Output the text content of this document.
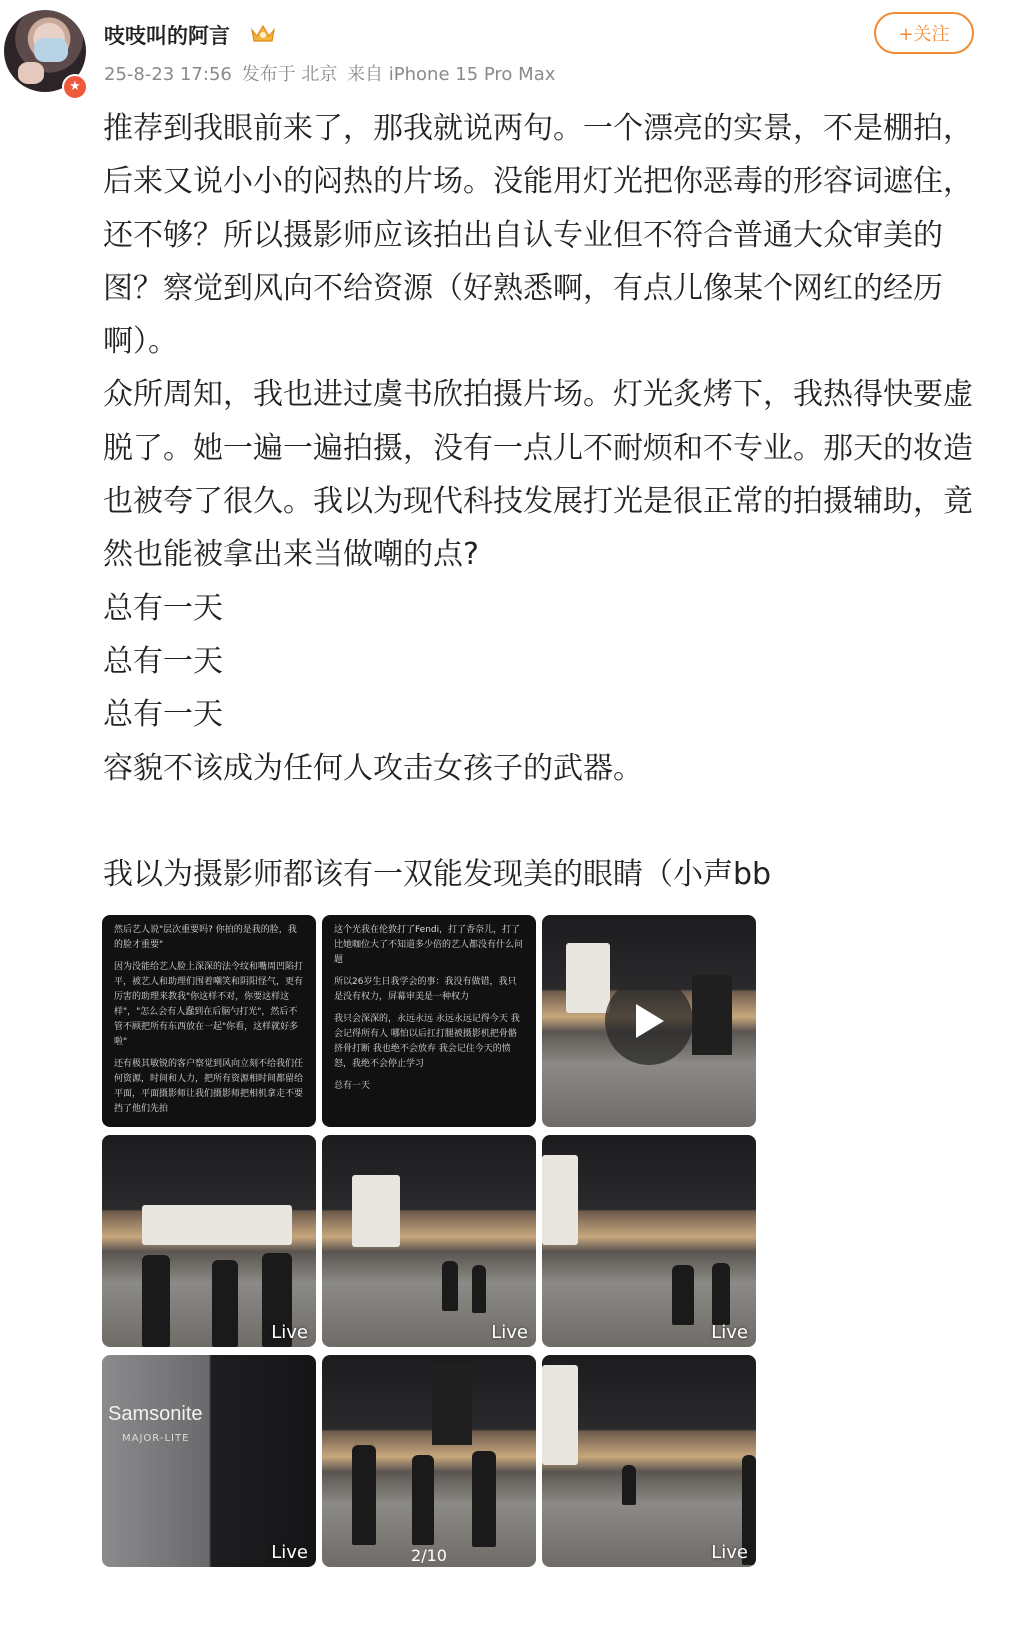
★
吱吱叫的阿言
25-8-23 17:56 发布于 北京 来自 iPhone 15 Pro Max
+关注

推荐到我眼前来了，那我就说两句。一个漂亮的实景，不是棚拍，后来又说小小的闷热的片场。没能用灯光把你恶毒的形容词遮住，还不够？所以摄影师应该拍出自认专业但不符合普通大众审美的图？察觉到风向不给资源（好熟悉啊，有点儿像某个网红的经历啊）。

众所周知，我也进过虞书欣拍摄片场。灯光炙烤下，我热得快要虚脱了。她一遍一遍拍摄，没有一点儿不耐烦和不专业。那天的妆造也被夸了很久。我以为现代科技发展打光是很正常的拍摄辅助，竟然也能被拿出来当做嘲的点?

总有一天

总有一天

总有一天

容貌不该成为任何人攻击女孩子的武器。

我以为摄影师都该有一双能发现美的眼睛（小声bb

然后艺人说"层次重要吗? 你拍的是我的脸，我的脸才重要"

因为没能给艺人脸上深深的法令纹和嘴周凹陷打平，被艺人和助理们围着嘲笑和阴阳怪气，更有厉害的助理来教我"你这样不对，你要这样这样"，"怎么会有人蠢到在后脑勺打光"，然后不管不顾把所有东西放在一起"你看，这样就好多啦"

还有极其敏锐的客户察觉到风向立刻不给我们任何资源，时间和人力，把所有资源相时间都留给平面，平面摄影师让我们摄影师把相机拿走不要挡了他们先拍

这个光我在伦敦打了Fendi，打了香奈儿，打了比她咖位大了不知道多少倍的艺人都没有什么问题

所以26岁生日我学会的事：我没有做错，我只是没有权力，屏幕审美是一种权力

我只会深深的，永远永远 永远永远记得今天 我会记得所有人 哪怕以后扛打腿被摄影机把骨骼挤骨打断 我也绝不会放弃 我会记住今天的愤怒，我绝不会停止学习

总有一天

Live	Live	Live
Samsonite
MAJOR-LITE
Live	2/10	Live
